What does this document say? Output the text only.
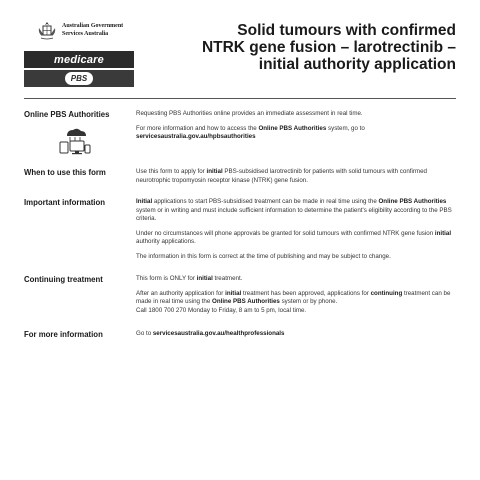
Australian Government
Services Australia
medicare
PBS
Solid tumours with confirmed
NTRK gene fusion – larotrectinib –
initial authority application
Online PBS Authorities	Requesting PBS Authorities online provides an immediate assessment in real time.

For more information and how to access the Online PBS Authorities system, go to
servicesaustralia.gov.au/hpbsauthorities

When to use this form	Use this form to apply for initial PBS-subsidised larotrectinib for patients with solid tumours with confirmed neurotrophic tropomyosin receptor kinase (NTRK) gene fusion.

Important information	Initial applications to start PBS-subsidised treatment can be made in real time using the Online PBS Authorities system or in writing and must include sufficient information to determine the patient's eligibility according to the PBS criteria.

Under no circumstances will phone approvals be granted for solid tumours with confirmed NTRK gene fusion initial authority applications.

The information in this form is correct at the time of publishing and may be subject to change.

Continuing treatment	This form is ONLY for initial treatment.

After an authority application for initial treatment has been approved, applications for continuing treatment can be made in real time using the Online PBS Authorities system or by phone.
Call 1800 700 270 Monday to Friday, 8 am to 5 pm, local time.

For more information	Go to servicesaustralia.gov.au/healthprofessionals
